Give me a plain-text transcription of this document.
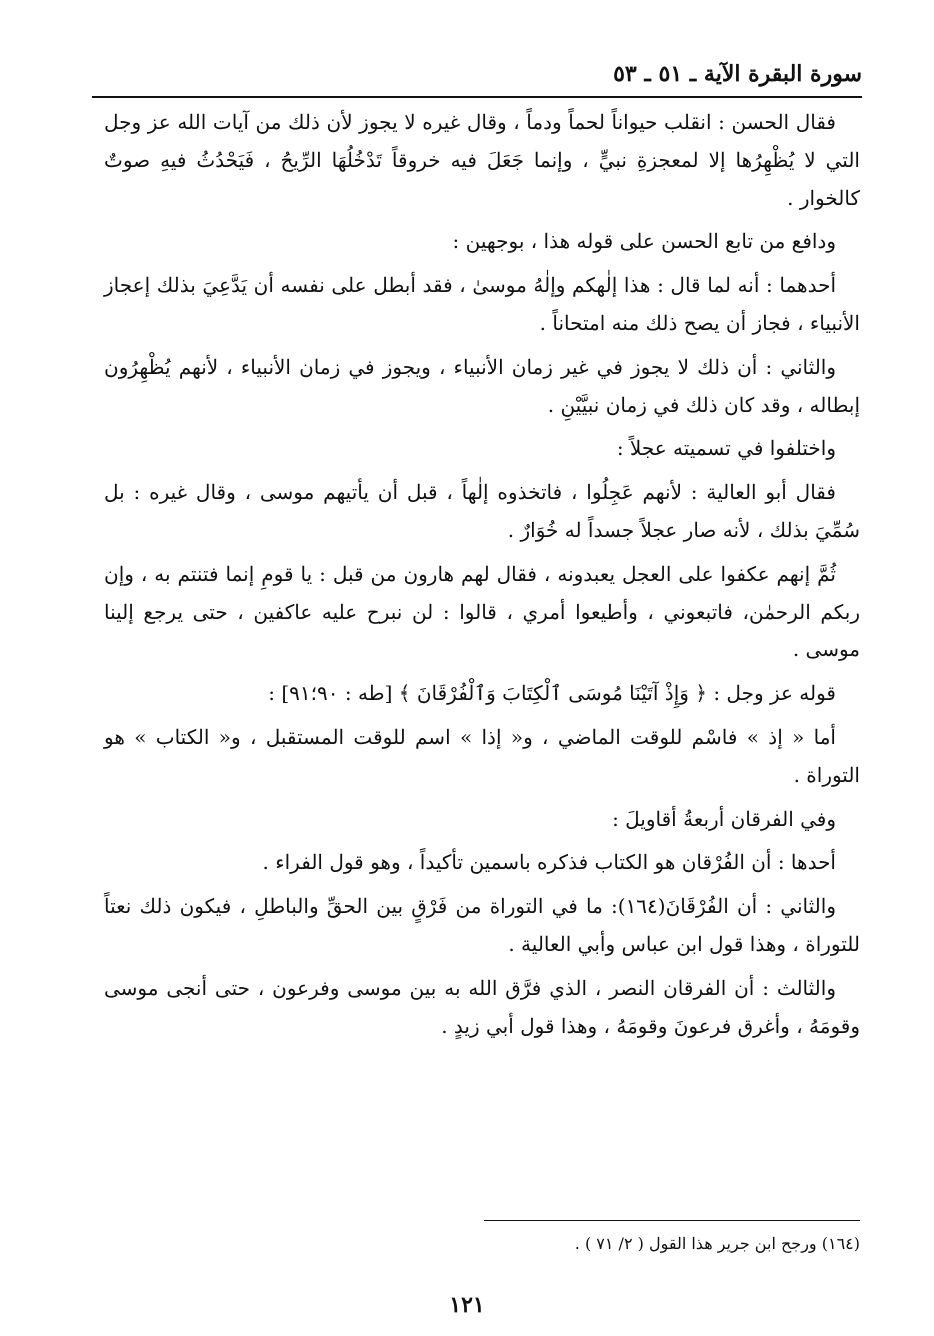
سورة البقرة الآية ـ ٥١ ـ ٥٣

فقال الحسن : انقلب حيواناً لحماً ودماً ، وقال غيره لا يجوز لأن ذلك من آيات الله عز وجل التي لا يُظْهِرُها إلا لمعجزةِ نبيٍّ ، وإنما جَعَلَ فيه خروقاً تَدْخُلُهَا الرِّيحُ ، فَيَحْدُثُ فيهِ صوتٌ كالخوار .

ودافع من تابع الحسن على قوله هذا ، بوجهين :

أحدهما : أنه لما قال : هذا إلٰهكم وإلٰهُ موسىٰ ، فقد أبطل على نفسه أن يَدَّعِيَ بذلك إعجاز الأنبياء ، فجاز أن يصح ذلك منه امتحاناً .

والثاني : أن ذلك لا يجوز في غير زمان الأنبياء ، ويجوز في زمان الأنبياء ، لأنهم يُظْهِرُون إبطاله ، وقد كان ذلك في زمان نبيَّيْنِ .

واختلفوا في تسميته عجلاً :

فقال أبو العالية : لأنهم عَجِلُوا ، فاتخذوه إلٰهاً ، قبل أن يأتيهم موسى ، وقال غيره : بل سُمِّيَ بذلك ، لأنه صار عجلاً جسداً له خُوَارٌ .

ثُمَّ إنهم عكفوا على العجل يعبدونه ، فقال لهم هارون من قبل : يا قومِ إنما فتنتم به ، وإن ربكم الرحمٰن، فاتبعوني ، وأطيعوا أمري ، قالوا : لن نبرح عليه عاكفين ، حتى يرجع إلينا موسى .

قوله عز وجل : ﴿ وَإِذْ آتَيْنَا مُوسَى ٱلْكِتَابَ وَٱلْفُرْقَانَ ﴾ [طه : ٩٠؛٩١] :

أما « إذ » فاسْم للوقت الماضي ، و« إذا » اسم للوقت المستقبل ، و« الكتاب » هو التوراة .

وفي الفرقان أربعةُ أقاويلَ :

أحدها : أن الفُرْقان هو الكتاب فذكره باسمين تأكيداً ، وهو قول الفراء .

والثاني : أن الفُرْقَانَ(١٦٤): ما في التوراة من فَرْقٍ بين الحقِّ والباطلِ ، فيكون ذلك نعتاً للتوراة ، وهذا قول ابن عباس وأبي العالية .

والثالث : أن الفرقان النصر ، الذي فرَّق الله به بين موسى وفرعون ، حتى أنجى موسى وقومَهُ ، وأغرق فرعونَ وقومَهُ ، وهذا قول أبي زيدٍ .

(١٦٤) ورجح ابن جرير هذا القول ( ٢/ ٧١ ) .
١٢١
